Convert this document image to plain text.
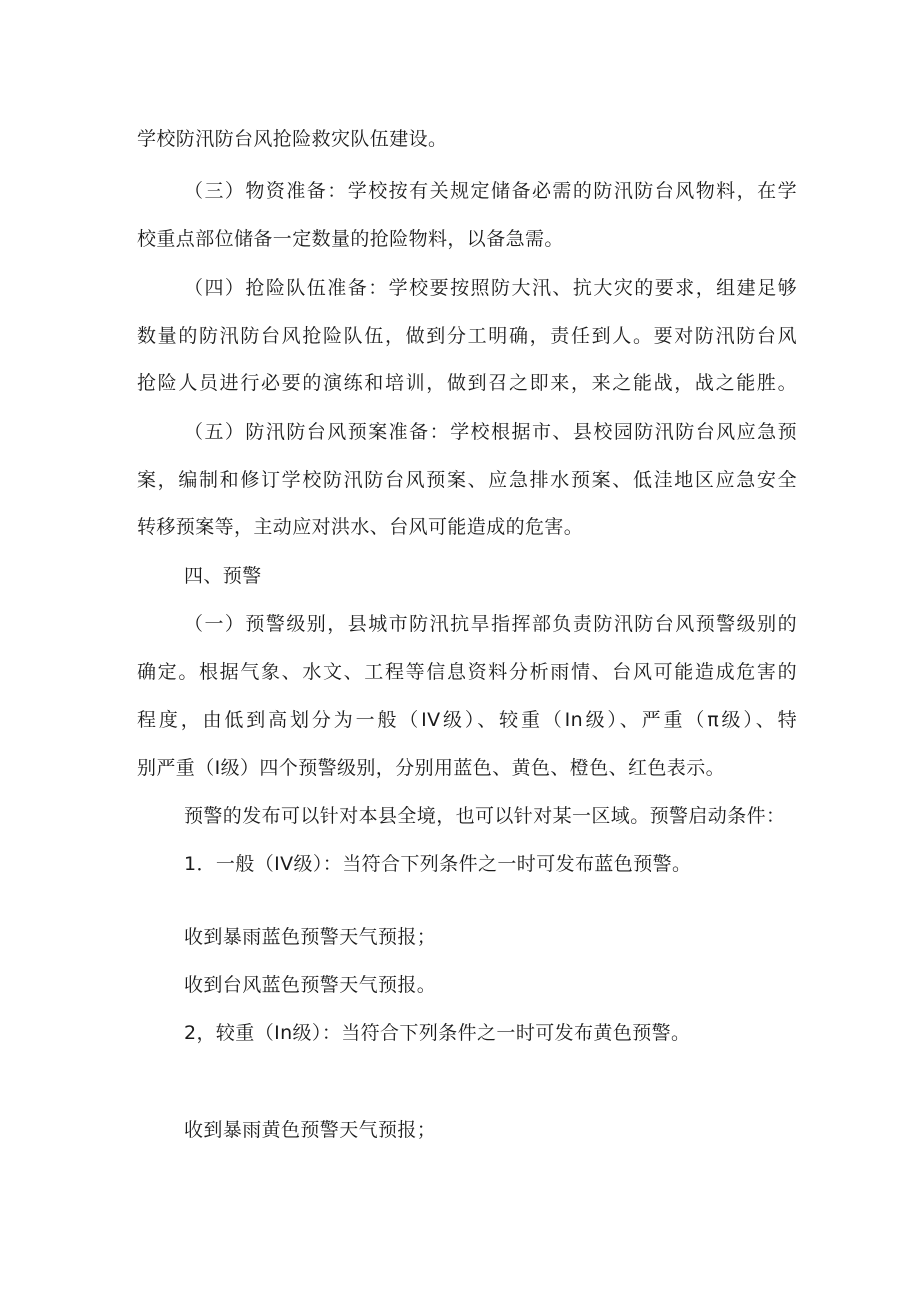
学校防汛防台风抢险救灾队伍建设。
（三）物资准备：学校按有关规定储备必需的防汛防台风物料，在学
校重点部位储备一定数量的抢险物料，以备急需。
（四）抢险队伍准备：学校要按照防大汛、抗大灾的要求，组建足够
数量的防汛防台风抢险队伍，做到分工明确，责任到人。要对防汛防台风
抢险人员进行必要的演练和培训，做到召之即来，来之能战，战之能胜。
（五）防汛防台风预案准备：学校根据市、县校园防汛防台风应急预
案，编制和修订学校防汛防台风预案、应急排水预案、低洼地区应急安全
转移预案等，主动应对洪水、台风可能造成的危害。
四、预警
（一）预警级别，县城市防汛抗旱指挥部负责防汛防台风预警级别的
确定。根据气象、水文、工程等信息资料分析雨情、台风可能造成危害的
程度，由低到高划分为一般（IV级）、较重（In级）、严重（π级）、特
别严重（I级）四个预警级别，分别用蓝色、黄色、橙色、红色表示。
预警的发布可以针对本县全境，也可以针对某一区域。预警启动条件：
1．一般（IV级）：当符合下列条件之一时可发布蓝色预警。
收到暴雨蓝色预警天气预报；
收到台风蓝色预警天气预报。
2，较重（In级）：当符合下列条件之一时可发布黄色预警。
收到暴雨黄色预警天气预报；
